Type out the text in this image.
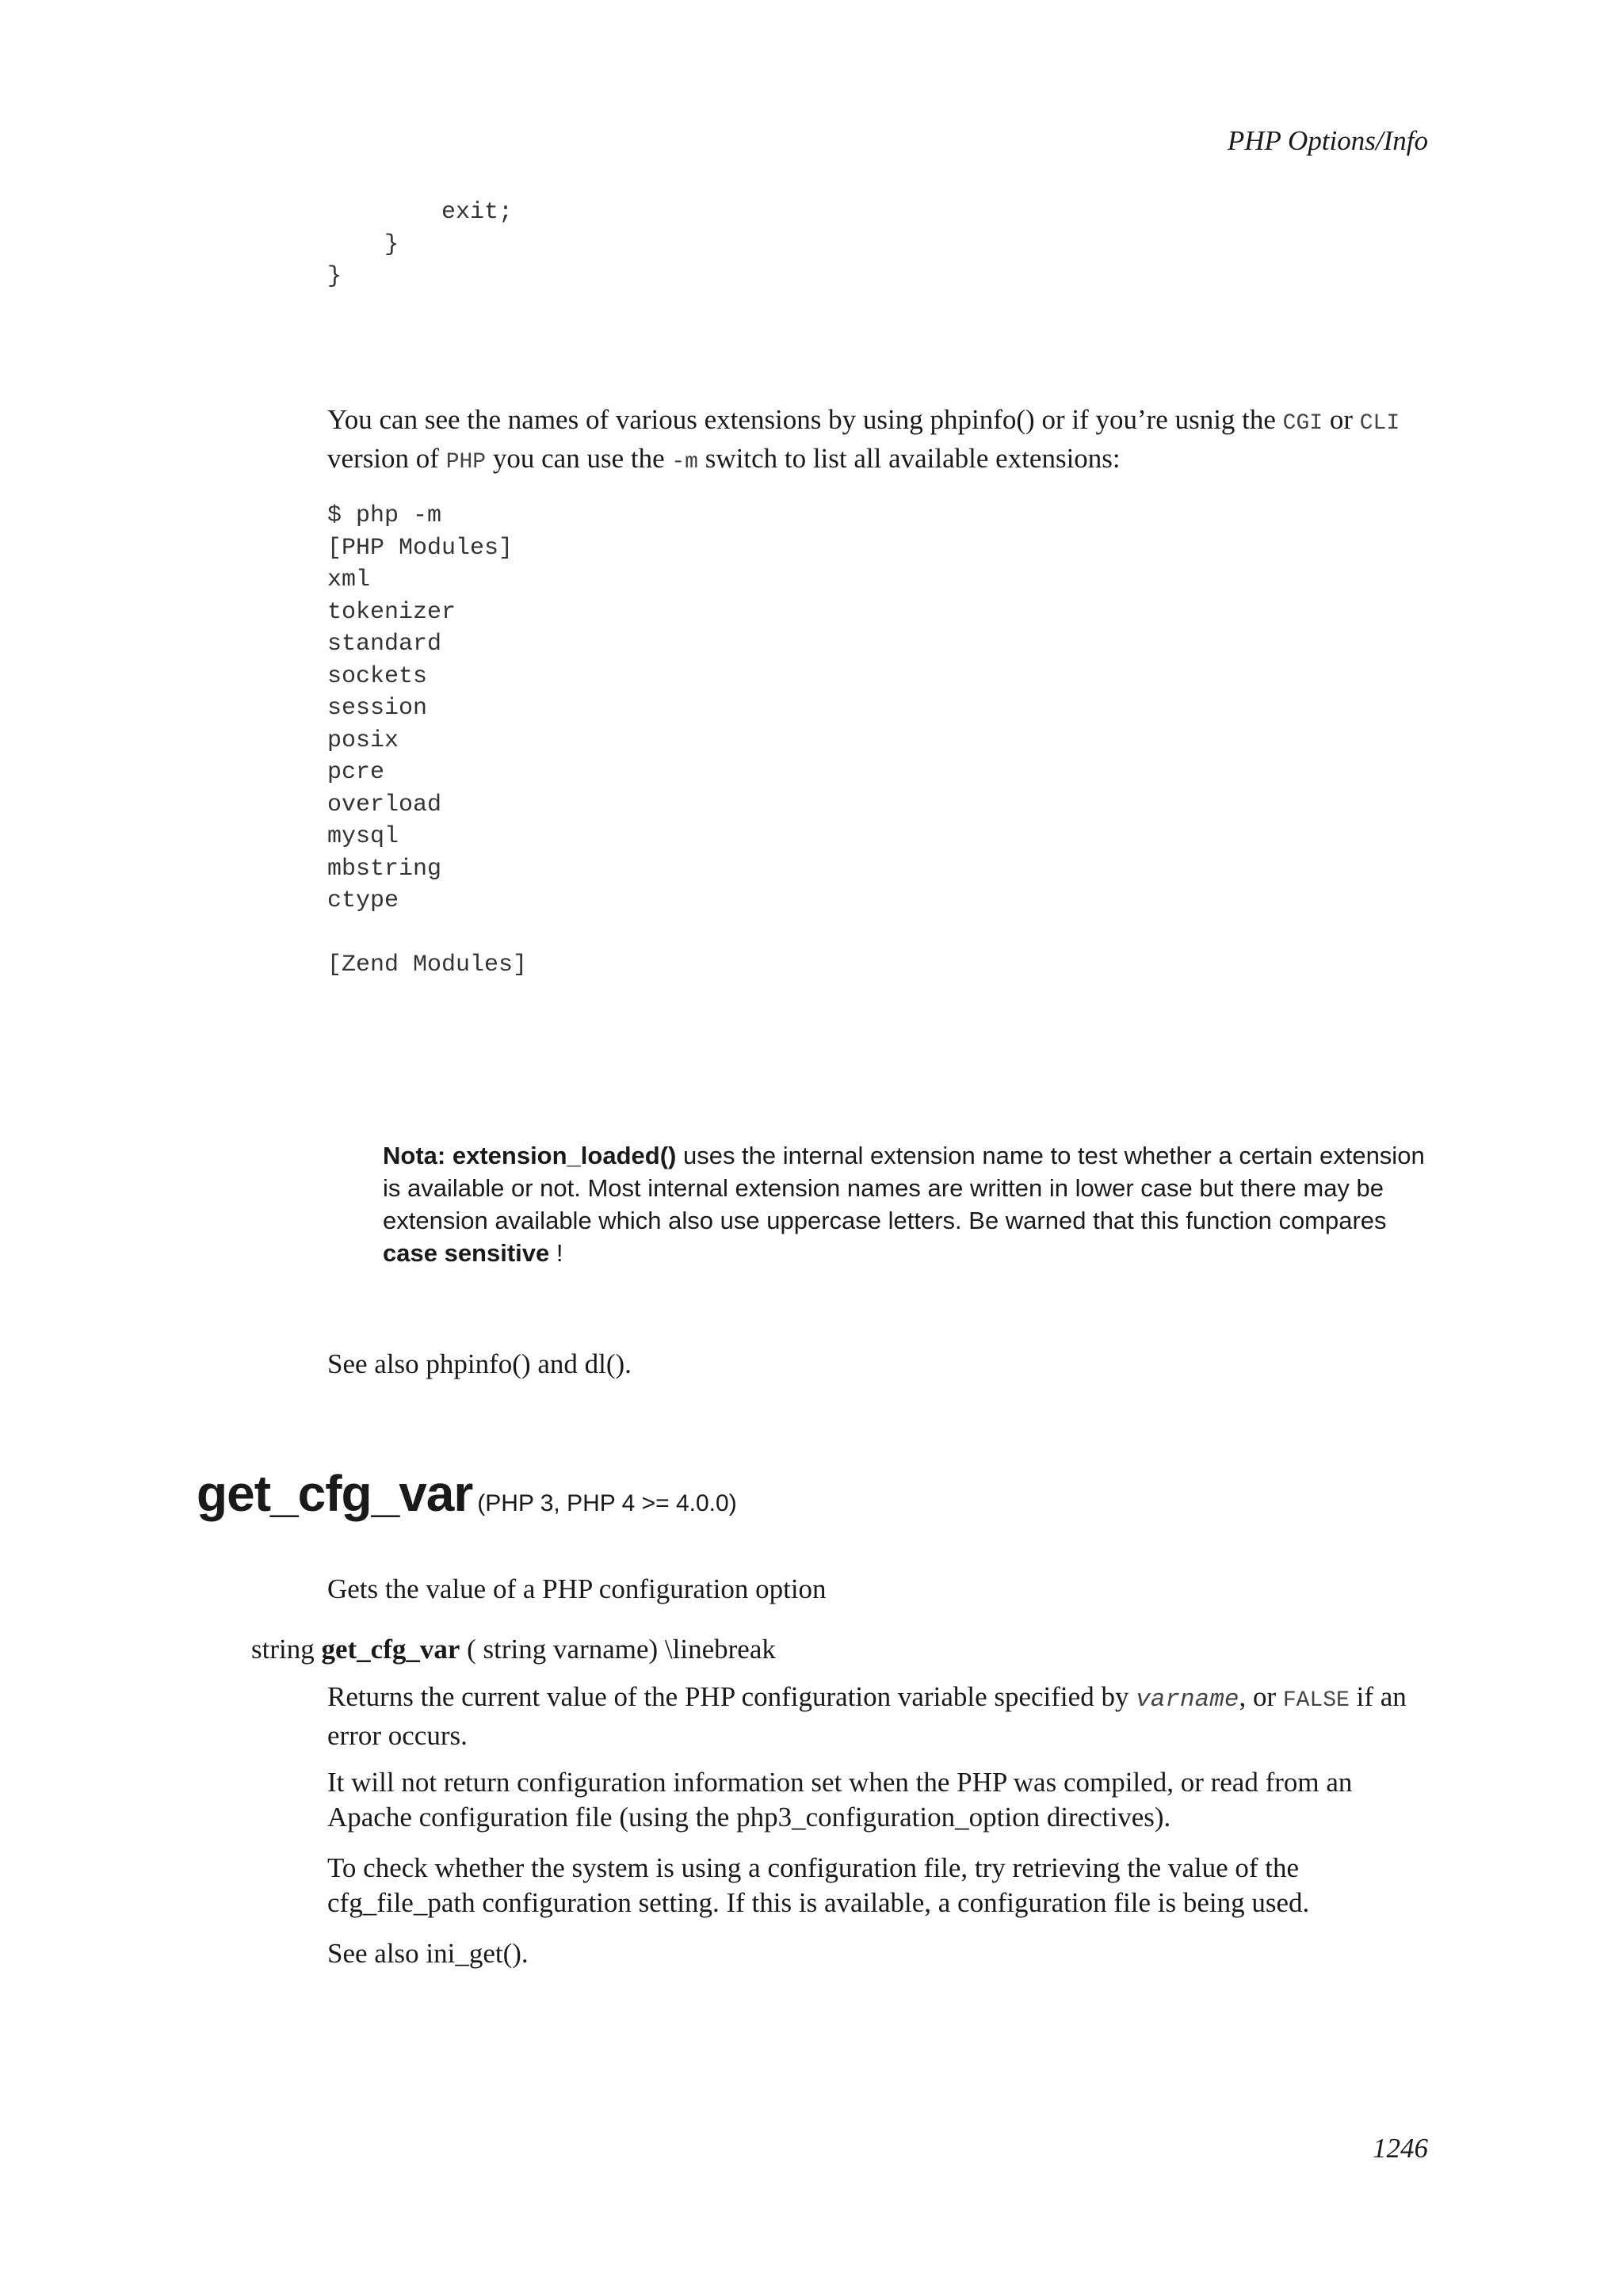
PHP Options/Info
exit;
}
}
You can see the names of various extensions by using phpinfo() or if you’re usnig the CGI or CLI version of PHP you can use the -m switch to list all available extensions:
$ php -m
[PHP Modules]
xml
tokenizer
standard
sockets
session
posix
pcre
overload
mysql
mbstring
ctype

[Zend Modules]
Nota: extension_loaded() uses the internal extension name to test whether a certain extension is available or not. Most internal extension names are written in lower case but there may be extension available which also use uppercase letters. Be warned that this function compares case sensitive !
See also phpinfo() and dl().
get_cfg_var (PHP 3, PHP 4 >= 4.0.0)
Gets the value of a PHP configuration option
string get_cfg_var ( string varname) \linebreak
Returns the current value of the PHP configuration variable specified by varname, or FALSE if an error occurs.
It will not return configuration information set when the PHP was compiled, or read from an Apache configuration file (using the php3_configuration_option directives).
To check whether the system is using a configuration file, try retrieving the value of the cfg_file_path configuration setting. If this is available, a configuration file is being used.
See also ini_get().
1246
